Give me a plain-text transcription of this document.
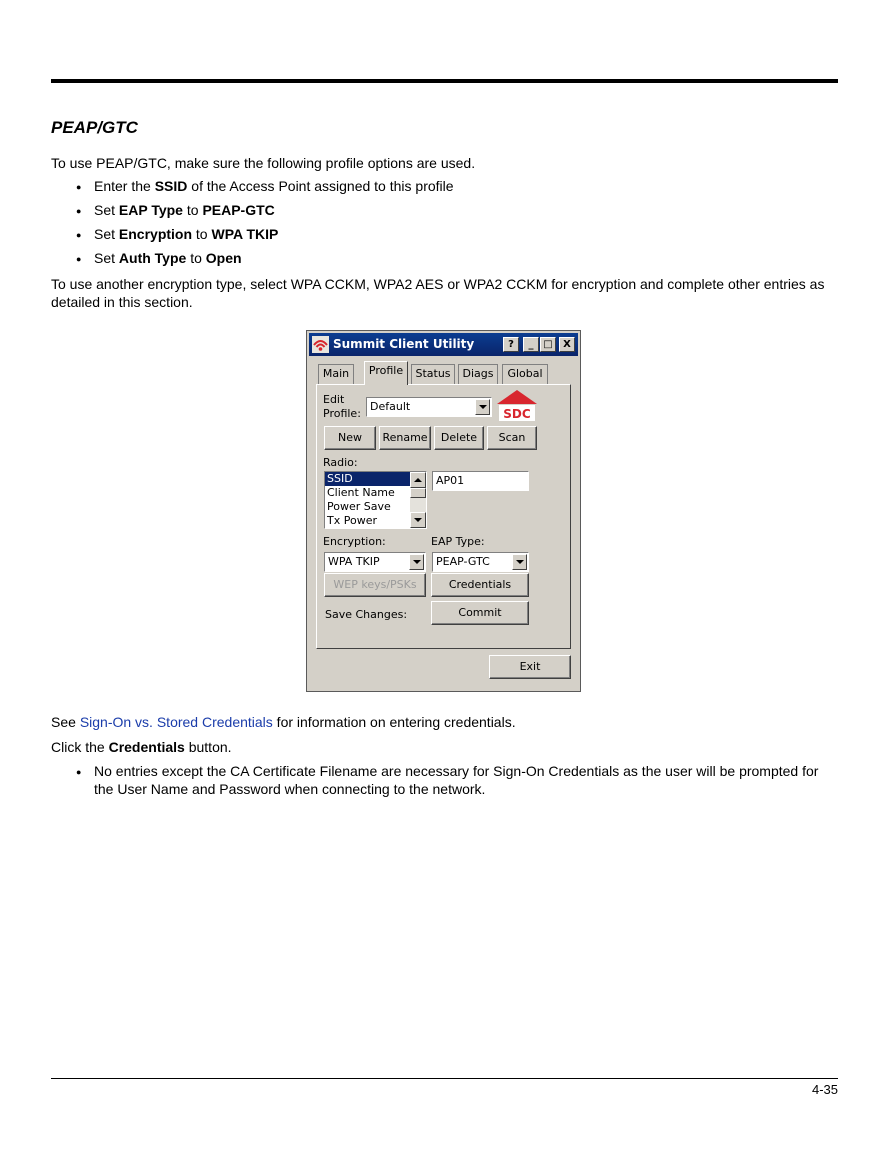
PEAP/GTC

To use PEAP/GTC, make sure the following profile options are used.

● Enter the SSID of the Access Point assigned to this profile
● Set EAP Type to PEAP-GTC
● Set Encryption to WPA TKIP
● Set Auth Type to Open

To use another encryption type, select WPA CCKM, WPA2 AES or WPA2 CCKM for encryption and complete other entries as detailed in this section.

Summit Client Utility	?	_ □	X
Main	Profile	Status	Diags	Global
Edit
Profile:
Default
SDC
New	Rename	Delete	Scan
Radio:
SSID
Client Name
Power Save
Tx Power
AP01
Encryption:	EAP Type:
WPA TKIP	PEAP-GTC
WEP keys/PSKs	Credentials
Save Changes:	Commit
Exit

See Sign-On vs. Stored Credentials for information on entering credentials.

Click the Credentials button.

● No entries except the CA Certificate Filename are necessary for Sign-On Credentials as the user will be prompted for the User Name and Password when connecting to the network.
4-35
